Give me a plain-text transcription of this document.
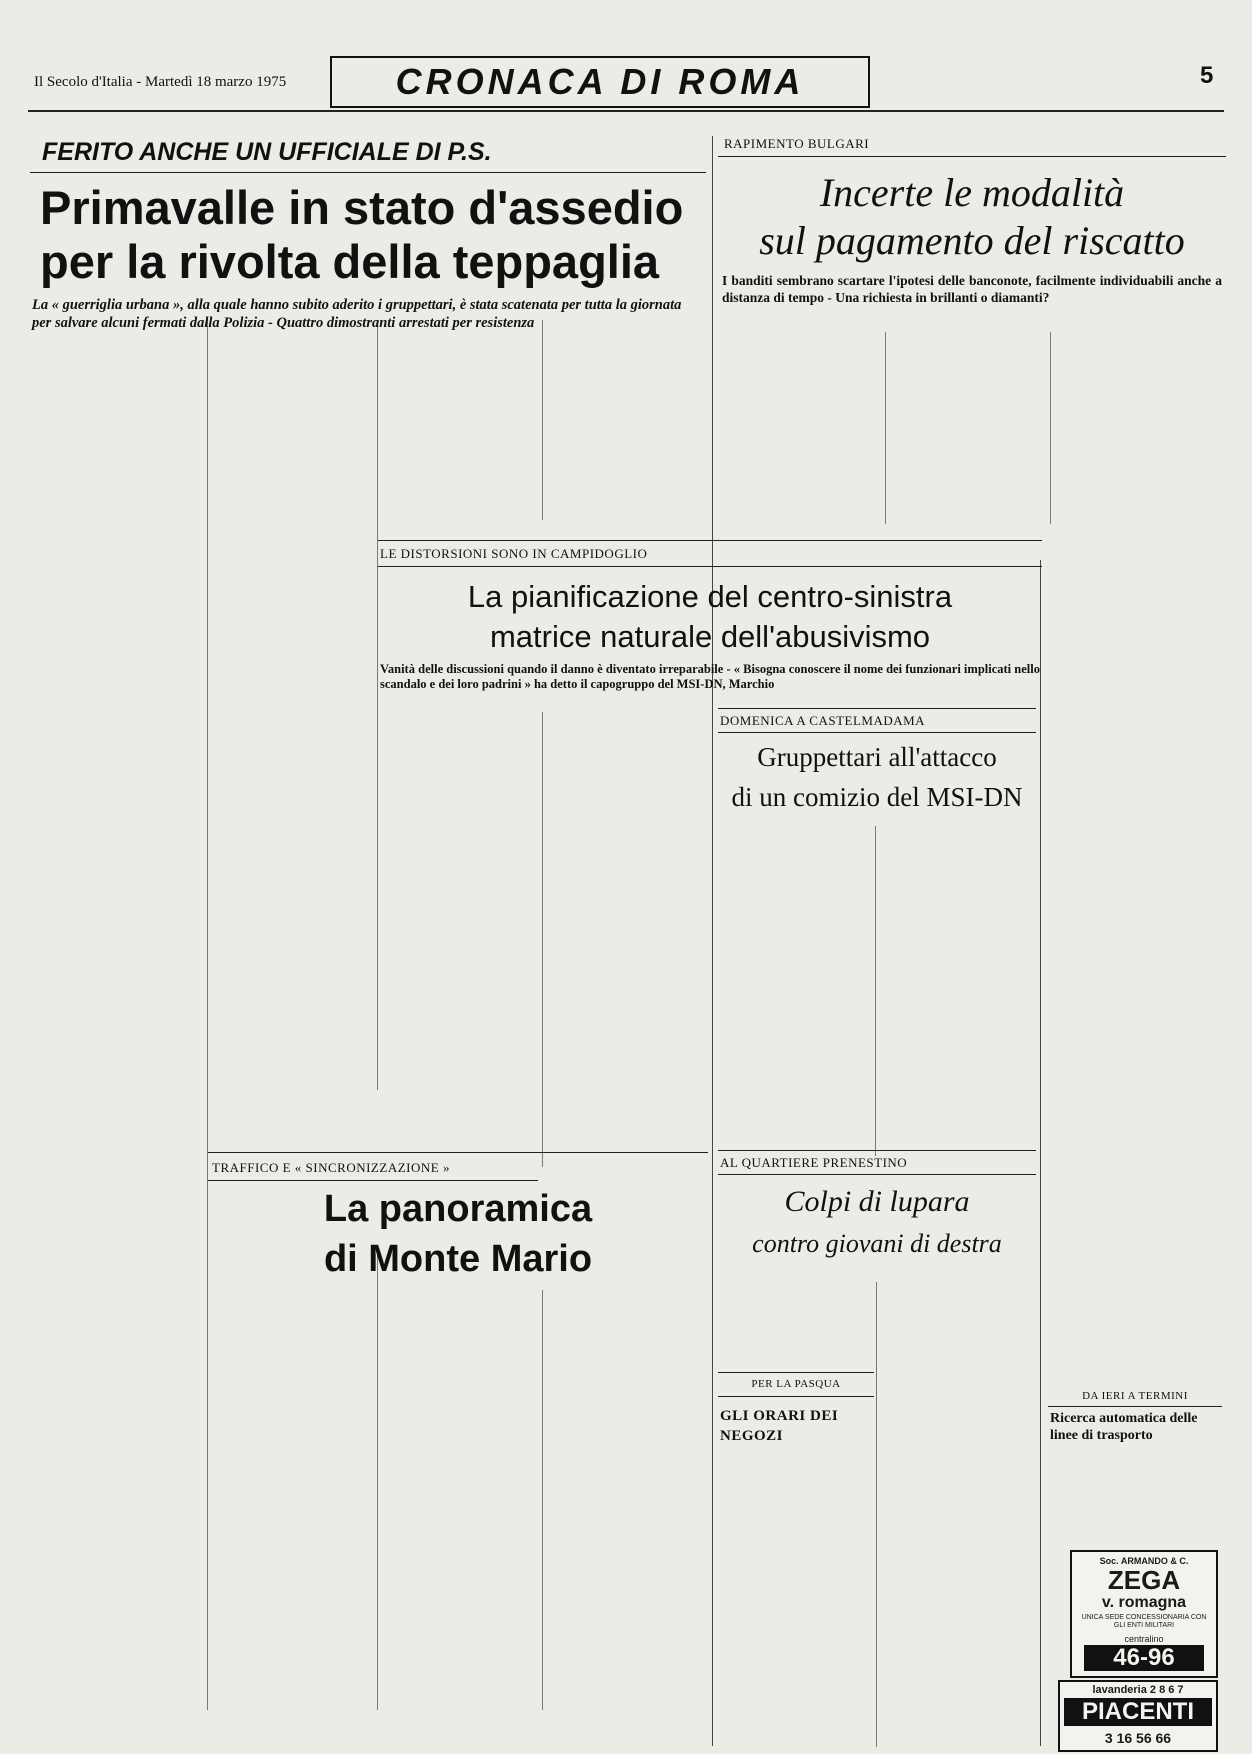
Il Secolo d'Italia - Martedì 18 marzo 1975	CRONACA DI ROMA	5
FERITO ANCHE UN UFFICIALE DI P.S.
Primavalle in stato d'assedio
per la rivolta della teppaglia
La « guerriglia urbana », alla quale hanno subito aderito i gruppettari, è stata scatenata per tutta la giornata per salvare alcuni fermati dalla Polizia - Quattro dimostranti arrestati per resistenza
RAPIMENTO BULGARI
Incerte le modalità
sul pagamento del riscatto
I banditi sembrano scartare l'ipotesi delle banconote, facilmente individuabili anche a distanza di tempo - Una richiesta in brillanti o diamanti?
LE DISTORSIONI SONO IN CAMPIDOGLIO
La pianificazione del centro-sinistra
matrice naturale dell'abusivismo
Vanità delle discussioni quando il danno è diventato irreparabile - « Bisogna conoscere il nome dei funzionari implicati nello scandalo e dei loro padrini » ha detto il capogruppo del MSI-DN, Marchio
DOMENICA A CASTELMADAMA
Gruppettari all'attacco
di un comizio del MSI-DN
TRAFFICO E « SINCRONIZZAZIONE »
La panoramica
di Monte Mario
AL QUARTIERE PRENESTINO
Colpi di lupara
contro giovani di destra
PER LA PASQUA
GLI ORARI DEI NEGOZI
DA IERI A TERMINI
Ricerca automatica delle linee di trasporto
Soc. ARMANDO & C.
ZEGA
v. romagna
UNICA SEDE CONCESSIONARIA CON GLI ENTI MILITARI
centralino
46-96
lavanderia 2 8 6 7
PIACENTI
3 16 56 66
